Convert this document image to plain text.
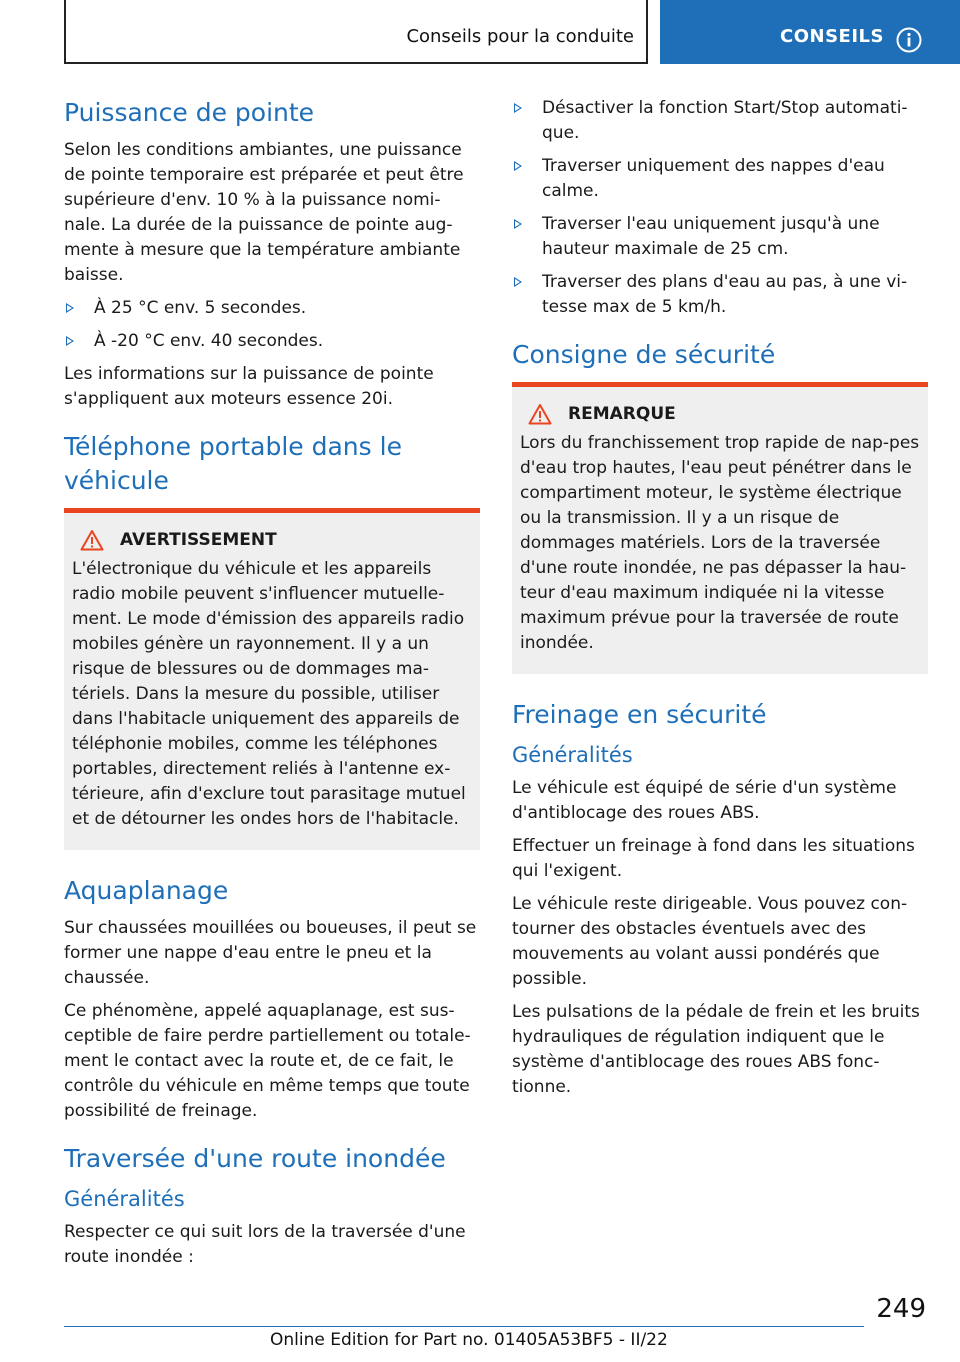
Conseils pour la conduite	CONSEILS
Puissance de pointe

Selon les conditions ambiantes, une puissance de pointe temporaire est préparée et peut être supérieure d'env. 10 % à la puissance nomi-nale. La durée de la puissance de pointe aug-mente à mesure que la température ambiante baisse.

À 25 °C env. 5 secondes.
À -20 °C env. 40 secondes.

Les informations sur la puissance de pointe s'appliquent aux moteurs essence 20i.

Téléphone portable dans le véhicule
AVERTISSEMENT

L'électronique du véhicule et les appareils radio mobile peuvent s'influencer mutuelle-ment. Le mode d'émission des appareils radio mobiles génère un rayonnement. Il y a un risque de blessures ou de dommages ma-tériels. Dans la mesure du possible, utiliser dans l'habitacle uniquement des appareils de téléphonie mobiles, comme les téléphones portables, directement reliés à l'antenne ex-térieure, afin d'exclure tout parasitage mutuel et de détourner les ondes hors de l'habitacle.

Aquaplanage

Sur chaussées mouillées ou boueuses, il peut se former une nappe d'eau entre le pneu et la chaussée.

Ce phénomène, appelé aquaplanage, est sus-ceptible de faire perdre partiellement ou totale-ment le contact avec la route et, de ce fait, le contrôle du véhicule en même temps que toute possibilité de freinage.

Traversée d'une route inondée
Généralités

Respecter ce qui suit lors de la traversée d'une route inondée :

Désactiver la fonction Start/Stop automati-que.
Traverser uniquement des nappes d'eau calme.
Traverser l'eau uniquement jusqu'à une hauteur maximale de 25 cm.
Traverser des plans d'eau au pas, à une vi-tesse max de 5 km/h.
Consigne de sécurité
REMARQUE

Lors du franchissement trop rapide de nap-pes d'eau trop hautes, l'eau peut pénétrer dans le compartiment moteur, le système électrique ou la transmission. Il y a un risque de dommages matériels. Lors de la traversée d'une route inondée, ne pas dépasser la hau-teur d'eau maximum indiquée ni la vitesse maximum prévue pour la traversée de route inondée.

Freinage en sécurité
Généralités

Le véhicule est équipé de série d'un système d'antiblocage des roues ABS.

Effectuer un freinage à fond dans les situations qui l'exigent.

Le véhicule reste dirigeable. Vous pouvez con-tourner des obstacles éventuels avec des mouvements au volant aussi pondérés que possible.

Les pulsations de la pédale de frein et les bruits hydrauliques de régulation indiquent que le système d'antiblocage des roues ABS fonc-tionne.

249
Online Edition for Part no. 01405A53BF5 - II/22
